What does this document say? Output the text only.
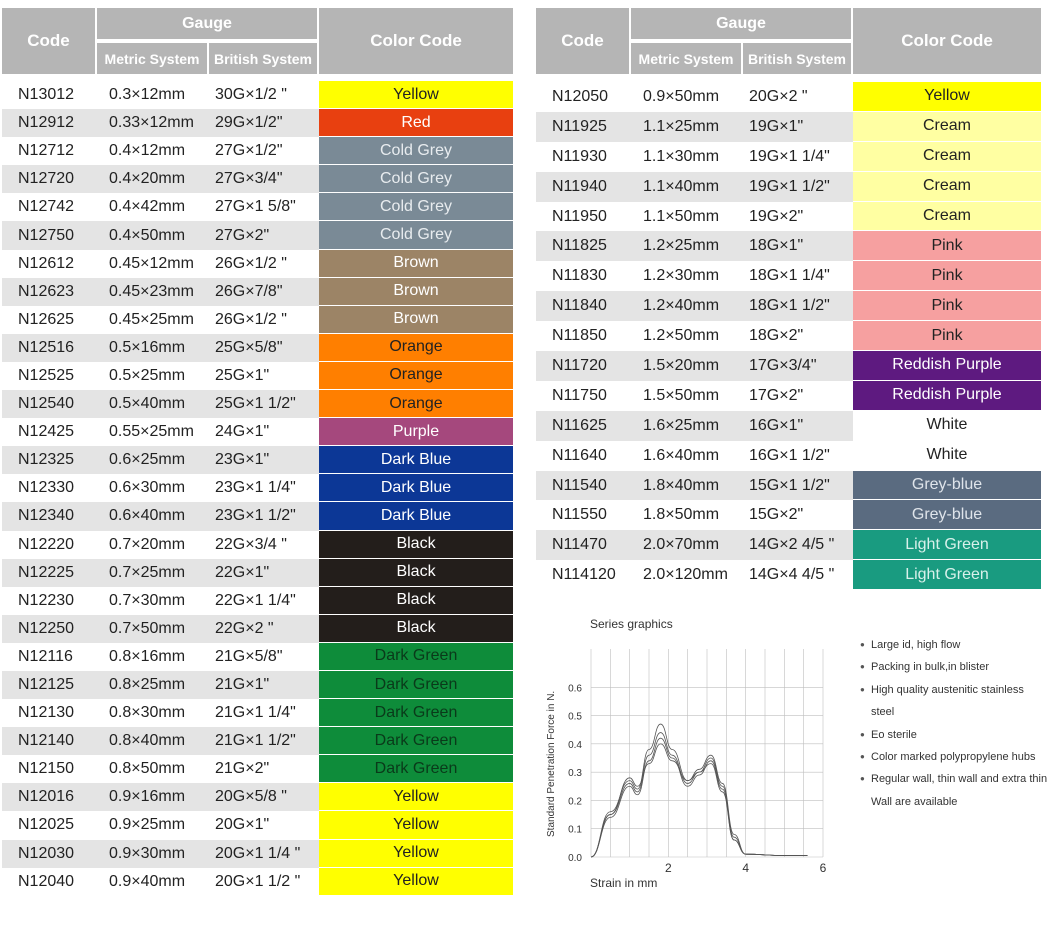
Code
Gauge
Metric System	British System
Color Code
N13012	0.3×12mm	30G×1/2 "	Yellow
N12912	0.33×12mm	29G×1/2"	Red
N12712	0.4×12mm	27G×1/2"	Cold Grey
N12720	0.4×20mm	27G×3/4"	Cold Grey
N12742	0.4×42mm	27G×1 5/8"	Cold Grey
N12750	0.4×50mm	27G×2"	Cold Grey
N12612	0.45×12mm	26G×1/2 "	Brown
N12623	0.45×23mm	26G×7/8"	Brown
N12625	0.45×25mm	26G×1/2 "	Brown
N12516	0.5×16mm	25G×5/8"	Orange
N12525	0.5×25mm	25G×1"	Orange
N12540	0.5×40mm	25G×1 1/2"	Orange
N12425	0.55×25mm	24G×1"	Purple
N12325	0.6×25mm	23G×1"	Dark Blue
N12330	0.6×30mm	23G×1 1/4"	Dark Blue
N12340	0.6×40mm	23G×1 1/2"	Dark Blue
N12220	0.7×20mm	22G×3/4 "	Black
N12225	0.7×25mm	22G×1"	Black
N12230	0.7×30mm	22G×1 1/4"	Black
N12250	0.7×50mm	22G×2 "	Black
N12116	0.8×16mm	21G×5/8"	Dark Green
N12125	0.8×25mm	21G×1"	Dark Green
N12130	0.8×30mm	21G×1 1/4"	Dark Green
N12140	0.8×40mm	21G×1 1/2"	Dark Green
N12150	0.8×50mm	21G×2"	Dark Green
N12016	0.9×16mm	20G×5/8 "	Yellow
N12025	0.9×25mm	20G×1"	Yellow
N12030	0.9×30mm	20G×1 1/4 "	Yellow
N12040	0.9×40mm	20G×1 1/2 "	Yellow
Code
Gauge
Metric System	British System
Color Code
N12050	0.9×50mm	20G×2 "	Yellow
N11925	1.1×25mm	19G×1"	Cream
N11930	1.1×30mm	19G×1 1/4"	Cream
N11940	1.1×40mm	19G×1 1/2"	Cream
N11950	1.1×50mm	19G×2"	Cream
N11825	1.2×25mm	18G×1"	Pink
N11830	1.2×30mm	18G×1 1/4"	Pink
N11840	1.2×40mm	18G×1 1/2"	Pink
N11850	1.2×50mm	18G×2"	Pink
N11720	1.5×20mm	17G×3/4"	Reddish Purple
N11750	1.5×50mm	17G×2"	Reddish Purple
N11625	1.6×25mm	16G×1"	White
N11640	1.6×40mm	16G×1 1/2"	White
N11540	1.8×40mm	15G×1 1/2"	Grey-blue
N11550	1.8×50mm	15G×2"	Grey-blue
N11470	2.0×70mm	14G×2 4/5 "	Light Green
N114120	2.0×120mm	14G×4 4/5 "	Light Green
Series graphics
0.0
0.1
0.2
0.3
0.4
0.5
0.6
2	4	6
Strain in mm
Standard Penetration Force in N.
● Large id, high flow
● Packing in bulk,in blister
● High quality austenitic stainless steel
● Eo sterile
● Color marked polypropylene hubs
● Regular wall, thin wall and extra thin
Wall are available
